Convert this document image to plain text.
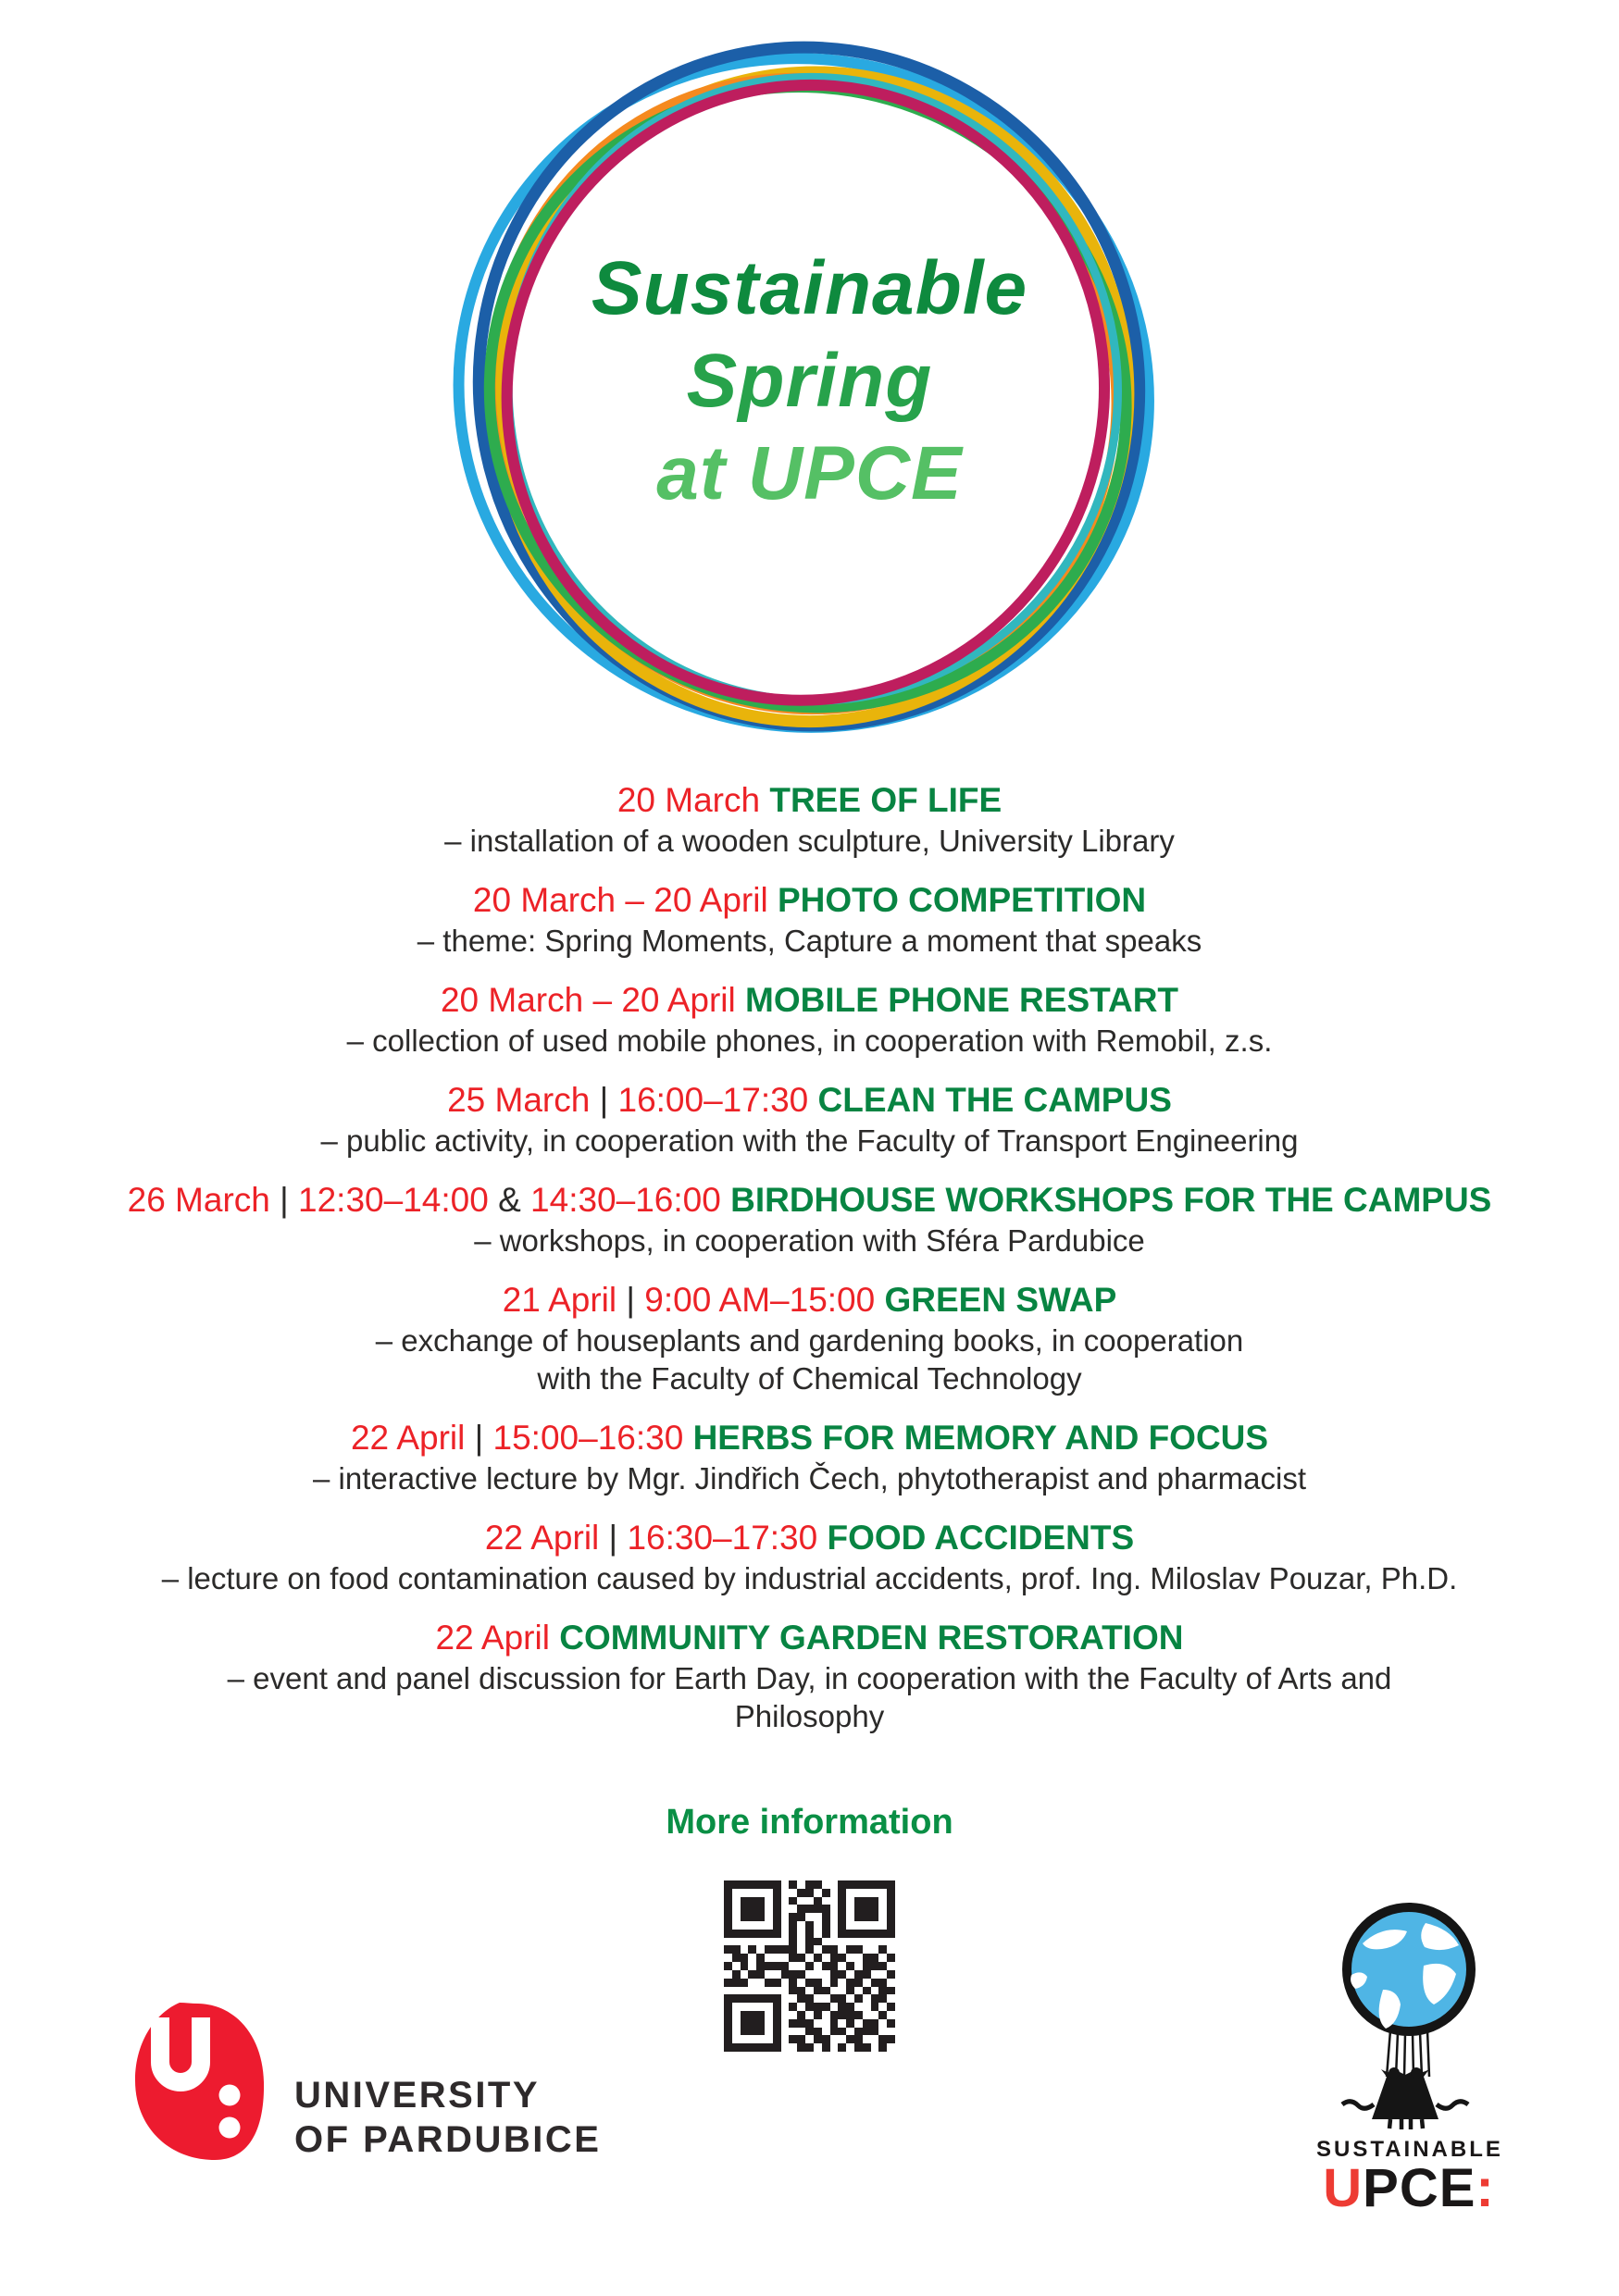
Sustainable
Spring
at UPCE
20 March TREE OF LIFE
– installation of a wooden sculpture, University Library
20 March – 20 April PHOTO COMPETITION
– theme: Spring Moments, Capture a moment that speaks
20 March – 20 April MOBILE PHONE RESTART
– collection of used mobile phones, in cooperation with Remobil, z.s.
25 March | 16:00–17:30 CLEAN THE CAMPUS
– public activity, in cooperation with the Faculty of Transport Engineering
26 March | 12:30–14:00 & 14:30–16:00 BIRDHOUSE WORKSHOPS FOR THE CAMPUS
– workshops, in cooperation with Sféra Pardubice
21 April | 9:00 AM–15:00 GREEN SWAP
– exchange of houseplants and gardening books, in cooperation
with the Faculty of Chemical Technology
22 April | 15:00–16:30 HERBS FOR MEMORY AND FOCUS
– interactive lecture by Mgr. Jindřich Čech, phytotherapist and pharmacist
22 April | 16:30–17:30 FOOD ACCIDENTS
– lecture on food contamination caused by industrial accidents, prof. Ing. Miloslav Pouzar, Ph.D.
22 April COMMUNITY GARDEN RESTORATION
– event and panel discussion for Earth Day, in cooperation with the Faculty of Arts and
Philosophy
More information
UNIVERSITY
OF PARDUBICE	SUSTAINABLE
UPCE:
